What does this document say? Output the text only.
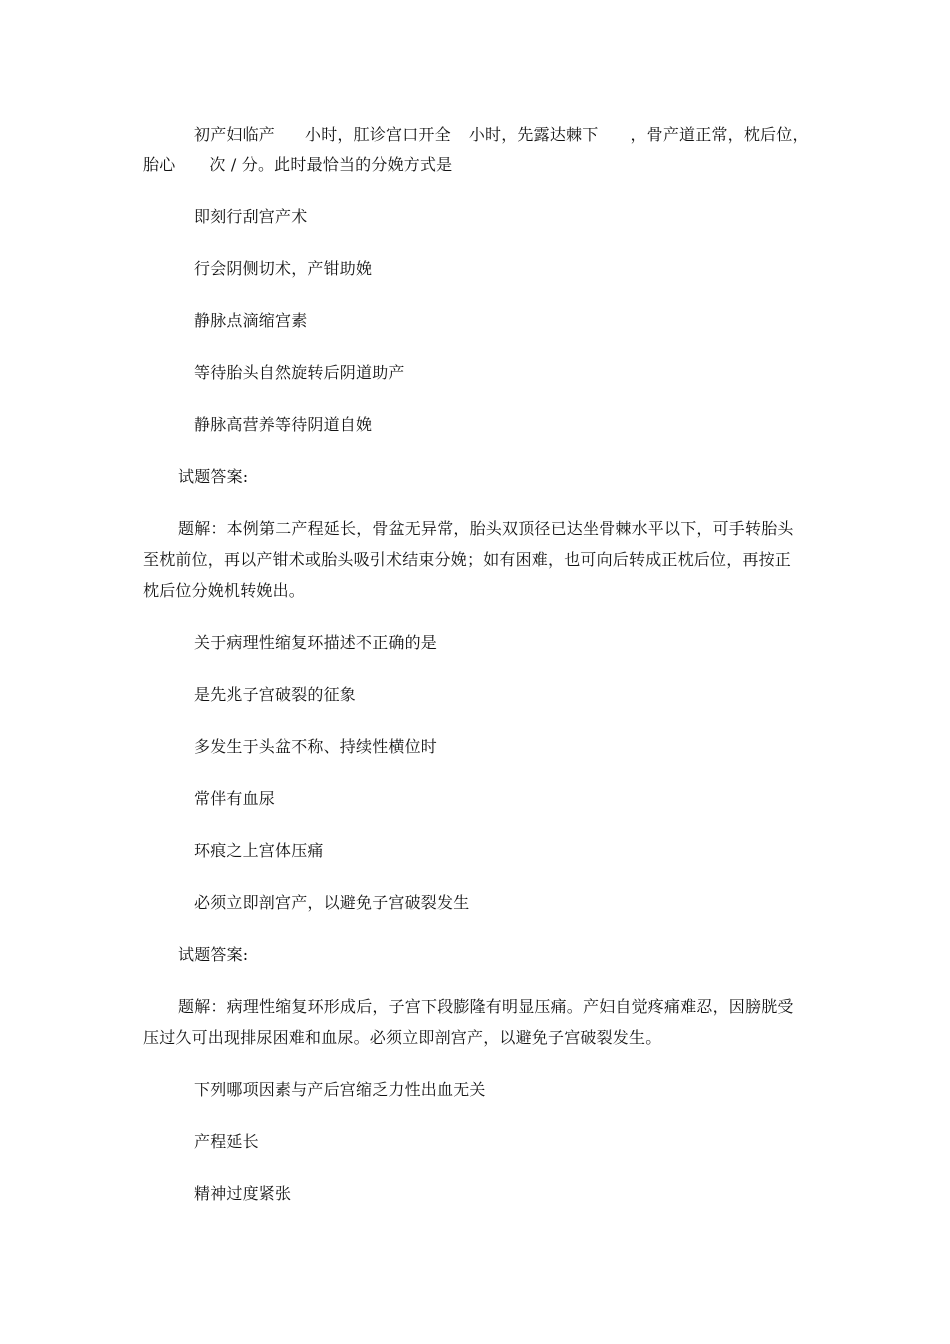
初产妇临产 小时，肛诊宫口开全 小时，先露达棘下 ，骨产道正常，枕后位，
胎心 次 / 分。此时最恰当的分娩方式是
即刻行刮宫产术
行会阴侧切术，产钳助娩
静脉点滴缩宫素
等待胎头自然旋转后阴道助产
静脉高营养等待阴道自娩
试题答案:
题解：本例第二产程延长，骨盆无异常，胎头双顶径已达坐骨棘水平以下，可手转胎头
至枕前位，再以产钳术或胎头吸引术结束分娩；如有困难，也可向后转成正枕后位，再按正
枕后位分娩机转娩出。
关于病理性缩复环描述不正确的是
是先兆子宫破裂的征象
多发生于头盆不称、持续性横位时
常伴有血尿
环痕之上宫体压痛
必须立即剖宫产，以避免子宫破裂发生
试题答案:
题解：病理性缩复环形成后，子宫下段膨隆有明显压痛。产妇自觉疼痛难忍，因膀胱受
压过久可出现排尿困难和血尿。必须立即剖宫产，以避免子宫破裂发生。
下列哪项因素与产后宫缩乏力性出血无关
产程延长
精神过度紧张
